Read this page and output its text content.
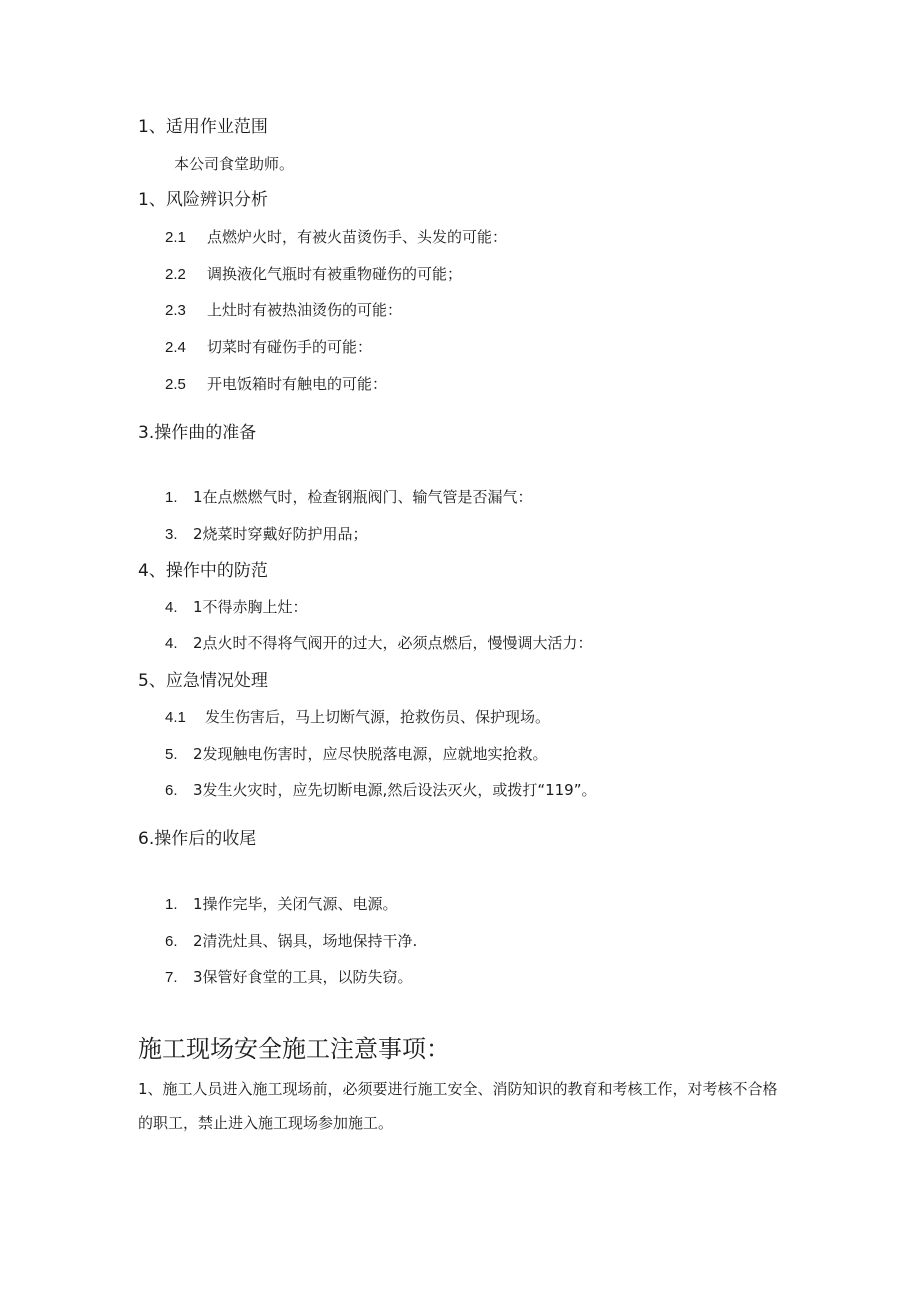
1、适用作业范围
本公司食堂助师。
1、风险辨识分析
2.1 点燃炉火时，有被火苗烫伤手、头发的可能：
2.2 调换液化气瓶时有被重物碰伤的可能；
2.3 上灶时有被热油烫伤的可能：
2.4 切菜时有碰伤手的可能：
2.5 开电饭箱时有触电的可能：
3.操作曲的准备
1. 1在点燃燃气时，检查钢瓶阀门、输气管是否漏气：
3. 2烧菜时穿戴好防护用品；
4、操作中的防范
4. 1不得赤胸上灶：
4. 2点火时不得将气阀开的过大，必须点燃后，慢慢调大活力：
5、应急情况处理
4.1 发生伤害后，马上切断气源，抢救伤员、保护现场。
5. 2发现触电伤害时，应尽快脱落电源，应就地实抢救。
6. 3发生火灾时，应先切断电源,然后设法灭火，或拨打“119”。
6.操作后的收尾
1. 1操作完毕，关闭气源、电源。
6. 2清洗灶具、锅具，场地保持干净.
7. 3保管好食堂的工具，以防失窃。
施工现场安全施工注意事项：
1、施工人员进入施工现场前，必须要进行施工安全、消防知识的教育和考核工作，对考核不合格的职工，禁止进入施工现场参加施工。
